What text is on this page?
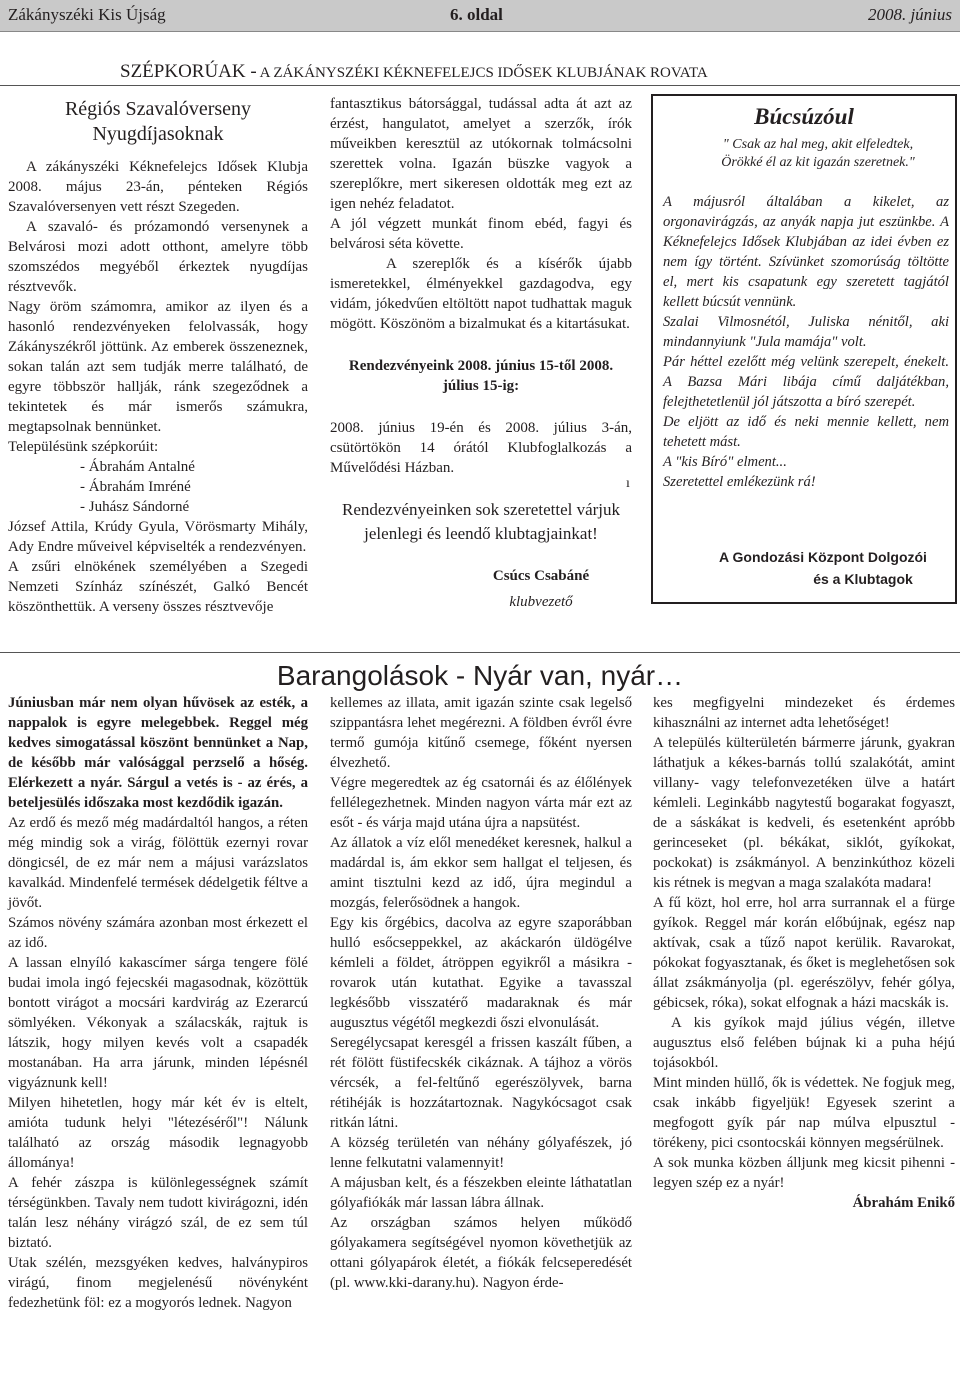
Zákányszéki Kis Újság	6. oldal	2008. június
SZÉPKORÚAK - A ZÁKÁNYSZÉKI KÉKNEFELEJCS IDŐSEK KLUBJÁNAK ROVATA
Régiós Szavalóverseny
Nyugdíjasoknak

A zákányszéki Kéknefelejcs Idősek Klubja 2008. május 23-án, pénteken Régiós Szavalóversenyen vett részt Szegeden.

A szavaló- és prózamondó versenynek a Belvárosi mozi adott otthont, amelyre több szomszédos megyéből érkeztek nyugdíjas résztvevők.

Nagy öröm számomra, amikor az ilyen és a hasonló rendezvényeken felolvassák, hogy Zákányszékről jöttünk. Az emberek összeneznek, sokan talán azt sem tudják merre található, de egyre többször hallják, ránk szegeződnek a tekintetek és már ismerős számukra, megtapsolnak bennünket.

Településünk szépkorúit:

- Ábrahám Antalné
- Ábrahám Imréné
- Juhász Sándorné

József Attila, Krúdy Gyula, Vörösmarty Mihály, Ady Endre műveivel képviselték a rendezvényen.

A zsűri elnökének személyében a Szegedi Nemzeti Színház színészét, Galkó Bencét köszönthettük. A verseny összes résztvevője

fantasztikus bátorsággal, tudással adta át azt az érzést, hangulatot, amelyet a szerzők, írók műveikben keresztül az utókornak tolmácsolni szerettek volna. Igazán büszke vagyok a szereplőkre, mert sikeresen oldották meg ezt az igen nehéz feladatot.

A jól végzett munkát finom ebéd, fagyi és belvárosi séta követte.

A szereplők és a kísérők újabb ismeretekkel, élményekkel gazdagodva, egy vidám, jókedvűen eltöltött napot tudhattak maguk mögött. Köszönöm a bizalmukat és a kitartásukat.

Rendezvényeink 2008. június 15-től 2008. július 15-ig:

2008. június 19-én és 2008. július 3-án, csütörtökön 14 órától Klubfoglalkozás a Művelődési Házban.

Rendezvényeinken sok szeretettel várjuk jelenlegi és leendő klubtagjainkat!

Csúcs Csabáné

klubvezető

ı
Búcsúzóul
" Csak az hal meg, akit elfeledtek, Örökké él az kit igazán szeretnek."

A májusról általában a kikelet, az orgonavirágzás, az anyák napja jut eszünkbe. A Kéknefelejcs Idősek Klubjában az idei évben ez nem így történt. Szívünket szomorúság töltötte el, mert kis csapatunk egy szeretett tagjától kellett búcsút vennünk.

Szalai Vilmosnétól, Juliska nénitől, aki mindannyiunk "Jula mamája" volt.

Pár héttel ezelőtt még velünk szerepelt, énekelt. A Bazsa Mári libája című daljátékban, felejthetetlenül jól játszotta a bíró szerepét.

De eljött az idő és neki mennie kellett, nem tehetett mást.

A "kis Bíró" elment...

Szeretettel emlékezünk rá!

A Gondozási Központ Dolgozói
és a Klubtagok
Barangolások - Nyár van, nyár…

Júniusban már nem olyan hűvösek az esték, a nappalok is egyre melegebbek. Reggel még kedves simogatással köszönt bennünket a Nap, de később már valósággal perzselő a hőség. Elérkezett a nyár. Sárgul a vetés is - az érés, a beteljesülés időszaka most kezdődik igazán.

Az erdő és mező még madárdaltól hangos, a réten még mindig sok a virág, fölöttük ezernyi rovar döngicsél, de ez már nem a májusi varázslatos kavalkád. Mindenfelé termések dédelgetik féltve a jövőt.

Számos növény számára azonban most érkezett el az idő.

A lassan elnyíló kakascímer sárga tengere fölé budai imola ingó fejecskéi magasodnak, közöttük bontott virágot a mocsári kardvirág az Ezerarcú sömlyéken. Vékonyak a szálacskák, rajtuk is látszik, hogy milyen kevés volt a csapadék mostanában. Ha arra járunk, minden lépésnél vigyáznunk kell!

Milyen hihetetlen, hogy már két év is eltelt, amióta tudunk helyi "létezéséről"! Nálunk található az ország második legnagyobb állománya!

A fehér zászpa is különlegességnek számít térségünkben. Tavaly nem tudott kivirágozni, idén talán lesz néhány virágzó szál, de ez sem túl biztató.

Utak szélén, mezsgyéken kedves, halványpiros virágú, finom megjelenésű növényként fedezhetünk föl: ez a mogyorós lednek. Nagyon

kellemes az illata, amit igazán szinte csak legelső szippantásra lehet megérezni. A földben évről évre termő gumója kitűnő csemege, főként nyersen élvezhető.

Végre megeredtek az ég csatornái és az élőlények fellélegezhetnek. Minden nagyon várta már ezt az esőt - és várja majd utána újra a napsütést.

Az állatok a víz elől menedéket keresnek, halkul a madárdal is, ám ekkor sem hallgat el teljesen, és amint tisztulni kezd az idő, újra megindul a mozgás, felerősödnek a hangok.

Egy kis őrgébics, dacolva az egyre szaporábban hulló esőcseppekkel, az akáckarón üldögélve kémleli a földet, átröppen egyikről a másikra - rovarok után kutathat. Egyike a tavasszal legkésőbb visszatérő madaraknak és már augusztus végétől megkezdi őszi elvonulását.

Seregélycsapat keresgél a frissen kaszált fűben, a rét fölött füstifecskék cikáznak. A tájhoz a vörös vércsék, a fel-feltűnő egerészölyvek, barna rétihéják is hozzátartoznak. Nagykócsagot csak ritkán látni.

A község területén van néhány gólyafészek, jó lenne felkutatni valamennyit!

A májusban kelt, és a fészekben eleinte láthatatlan gólyafiókák már lassan lábra állnak.

Az országban számos helyen működő gólyakamera segítségével nyomon követhetjük az ottani gólyapárok életét, a fiókák felcseperedését (pl. www.kki-darany.hu). Nagyon érde-

kes megfigyelni mindezeket és érdemes kihasználni az internet adta lehetőséget!

A település külterületén bármerre járunk, gyakran láthatjuk a kékes-barnás tollú szalakótát, amint villany- vagy telefonvezetéken ülve a határt kémleli. Leginkább nagytestű bogarakat fogyaszt, de a sáskákat is kedveli, és esetenként apróbb gerinceseket (pl. békákat, siklót, gyíkokat, pockokat) is zsákmányol. A benzinkúthoz közeli kis rétnek is megvan a maga szalakóta madara!

A fű közt, hol erre, hol arra surrannak el a fürge gyíkok. Reggel már korán előbújnak, egész nap aktívak, csak a tűző napot kerülik. Ravarokat, pókokat fogyasztanak, és őket is meglehetősen sok állat zsákmányolja (pl. egerészölyv, fehér gólya, gébicsek, róka), sokat elfognak a házi macskák is.

A kis gyíkok majd július végén, illetve augusztus első felében bújnak ki a puha héjú tojásokból.

Mint minden hüllő, ők is védettek. Ne fogjuk meg, csak inkább figyeljük! Egyesek szerint a megfogott gyík pár nap múlva elpusztul - törékeny, pici csontocskái könnyen megsérülnek.

A sok munka közben álljunk meg kicsit pihenni - legyen szép ez a nyár!

Ábrahám Enikő
